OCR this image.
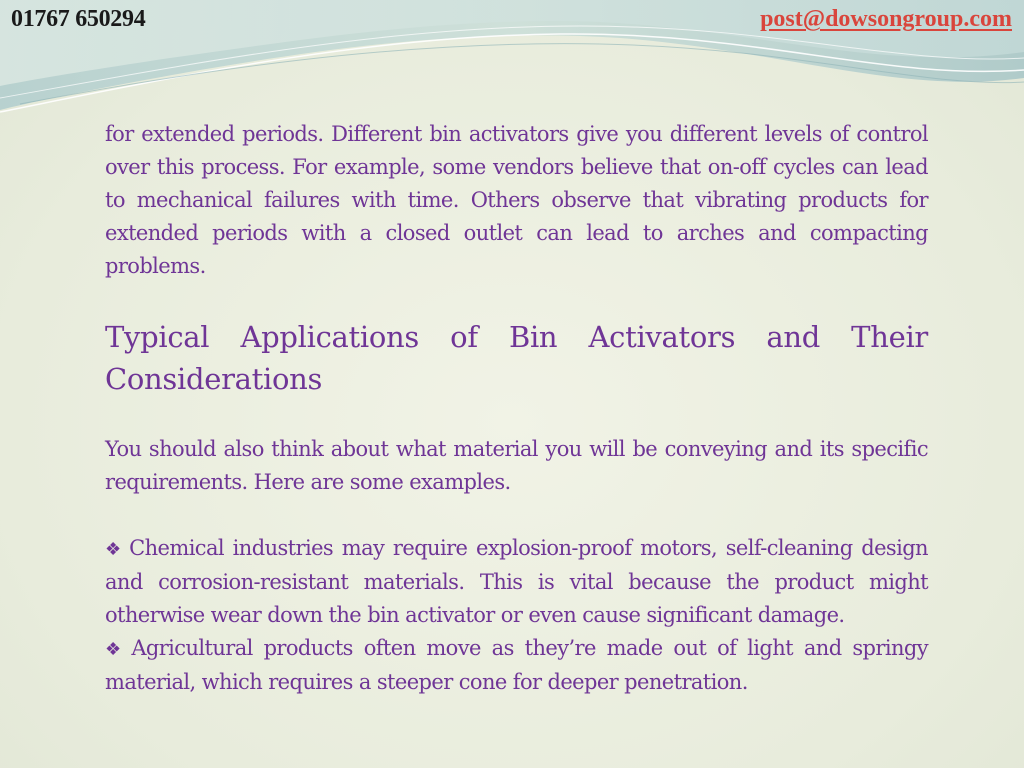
01767 650294	post@dowsongroup.com

for extended periods. Different bin activators give you different levels of control over this process. For example, some vendors believe that on-off cycles can lead to mechanical failures with time. Others observe that vibrating products for extended periods with a closed outlet can lead to arches and compacting problems.

Typical Applications of Bin Activators and Their Considerations

You should also think about what material you will be conveying and its specific requirements. Here are some examples.

❖ Chemical industries may require explosion-proof motors, self-cleaning design and corrosion-resistant materials. This is vital because the product might otherwise wear down the bin activator or even cause significant damage.

❖ Agricultural products often move as they’re made out of light and springy material, which requires a steeper cone for deeper penetration.
